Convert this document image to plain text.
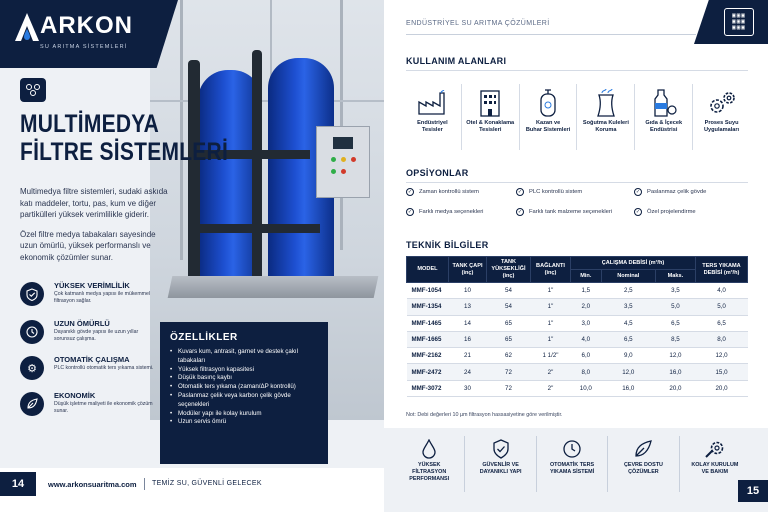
ARKON
SU ARITMA SİSTEMLERİ
MULTİMEDYA
FİLTRE SİSTEMLERİ

Multimedya filtre sistemleri, sudaki askıda katı maddeler, tortu, pas, kum ve diğer partikülleri yüksek verimlilikle giderir.

Özel filtre medya tabakaları sayesinde uzun ömürlü, yüksek performanslı ve ekonomik çözümler sunar.

YÜKSEK VERİMLİLİK
Çok katmanlı medya yapısı ile mükemmel filtrasyon sağlar.
UZUN ÖMÜRLÜ
Dayanıklı gövde yapısı ile uzun yıllar sorunsuz çalışma.
⚙
OTOMATİK ÇALIŞMA
PLC kontrollü otomatik ters yıkama sistemi.
EKONOMİK
Düşük işletme maliyeti ile ekonomik çözüm sunar.
ÖZELLİKLER
• Kuvars kum, antrasit, garnet ve destek çakıl tabakaları
• Yüksek filtrasyon kapasitesi
• Düşük basınç kaybı
• Otomatik ters yıkama (zaman/ΔP kontrollü)
• Paslanmaz çelik veya karbon çelik gövde seçenekleri
• Modüler yapı ile kolay kurulum
• Uzun servis ömrü
14	www.arkonsuaritma.com TEMİZ SU, GÜVENLİ GELECEK
ENDÜSTRİYEL SU ARITMA ÇÖZÜMLERİ
▣▣▣
▣▣▣
▣▣▣
KULLANIM ALANLARI
Endüstriyel
Tesisler
Otel & Konaklama
Tesisleri
Kazan ve
Buhar Sistemleri
Soğutma Kuleleri
Koruma
Gıda & İçecek
Endüstrisi
Proses Suyu
Uygulamaları
OPSİYONLAR
✓	Zaman kontrollü sistem	✓	PLC kontrollü sistem	✓	Paslanmaz çelik gövde
✓	Farklı medya seçenekleri	✓	Farklı tank malzeme seçenekleri	✓	Özel projelendirme
TEKNİK BİLGİLER
MODEL	TANK ÇAPI (inç)	TANK YÜKSEKLİĞİ (inç)	BAĞLANTI (inç)	ÇALIŞMA DEBİSİ (m³/h)			TERS YIKAMA DEBİSİ (m³/h)
				Min.	Nominal	Maks.	
MMF-1054	10	54	1"	1,5	2,5	3,5	4,0
MMF-1354	13	54	1"	2,0	3,5	5,0	5,0
MMF-1465	14	65	1"	3,0	4,5	6,5	6,5
MMF-1665	16	65	1"	4,0	6,5	8,5	8,0
MMF-2162	21	62	1 1/2"	6,0	9,0	12,0	12,0
MMF-2472	24	72	2"	8,0	12,0	16,0	15,0
MMF-3072	30	72	2"	10,0	16,0	20,0	20,0
Not: Debi değerleri 10 µm filtrasyon hassasiyetine göre verilmiştir.
YÜKSEK
FİLTRASYON
PERFORMANSI
GÜVENLİR VE
DAYANIKLI YAPI
OTOMATİK TERS
YIKAMA SİSTEMİ
ÇEVRE DOSTU
ÇÖZÜMLER
KOLAY KURULUM
VE BAKIM
15
